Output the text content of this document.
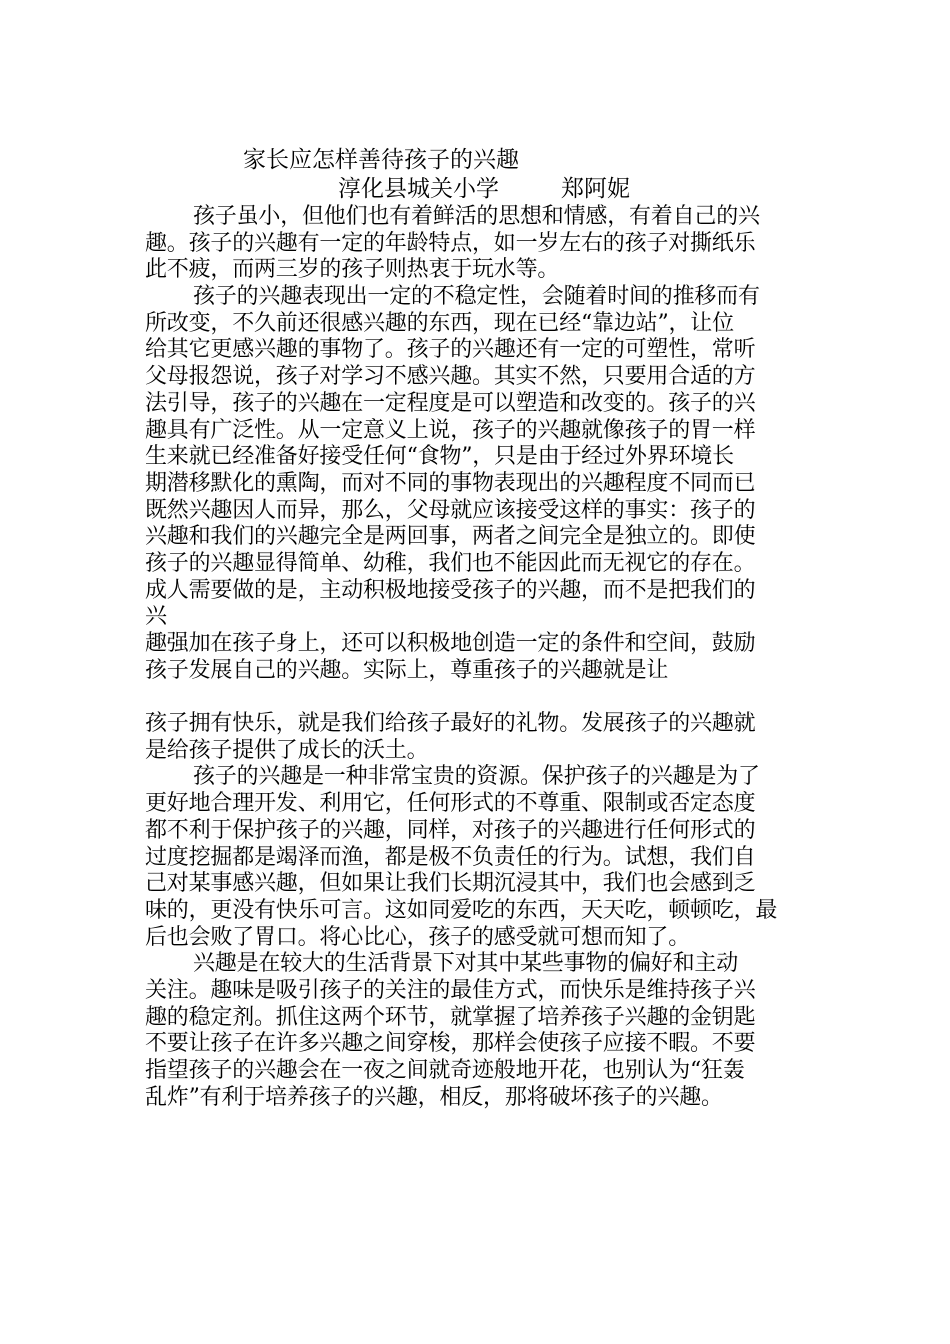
家长应怎样善待孩子的兴趣
淳化县城关小学	郑阿妮
孩子虽小，但他们也有着鲜活的思想和情感，有着自己的兴
趣。孩子的兴趣有一定的年龄特点，如一岁左右的孩子对撕纸乐
此不疲，而两三岁的孩子则热衷于玩水等。
孩子的兴趣表现出一定的不稳定性，会随着时间的推移而有
所改变，不久前还很感兴趣的东西，现在已经“靠边站”，让位
给其它更感兴趣的事物了。孩子的兴趣还有一定的可塑性，常听
父母报怨说，孩子对学习不感兴趣。其实不然，只要用合适的方
法引导，孩子的兴趣在一定程度是可以塑造和改变的。孩子的兴
趣具有广泛性。从一定意义上说，孩子的兴趣就像孩子的胃一样
生来就已经准备好接受任何“食物”，只是由于经过外界环境长
期潜移默化的熏陶，而对不同的事物表现出的兴趣程度不同而已
既然兴趣因人而异，那么，父母就应该接受这样的事实：孩子的
兴趣和我们的兴趣完全是两回事，两者之间完全是独立的。即使
孩子的兴趣显得简单、幼稚，我们也不能因此而无视它的存在。
成人需要做的是，主动积极地接受孩子的兴趣，而不是把我们的
兴
趣强加在孩子身上，还可以积极地创造一定的条件和空间，鼓励
孩子发展自己的兴趣。实际上，尊重孩子的兴趣就是让
孩子拥有快乐，就是我们给孩子最好的礼物。发展孩子的兴趣就
是给孩子提供了成长的沃土。
孩子的兴趣是一种非常宝贵的资源。保护孩子的兴趣是为了
更好地合理开发、利用它，任何形式的不尊重、限制或否定态度
都不利于保护孩子的兴趣，同样，对孩子的兴趣进行任何形式的
过度挖掘都是竭泽而渔，都是极不负责任的行为。试想，我们自
己对某事感兴趣，但如果让我们长期沉浸其中，我们也会感到乏
味的，更没有快乐可言。这如同爱吃的东西，天天吃，顿顿吃，最
后也会败了胃口。将心比心，孩子的感受就可想而知了。
兴趣是在较大的生活背景下对其中某些事物的偏好和主动
关注。趣味是吸引孩子的关注的最佳方式，而快乐是维持孩子兴
趣的稳定剂。抓住这两个环节，就掌握了培养孩子兴趣的金钥匙
不要让孩子在许多兴趣之间穿梭，那样会使孩子应接不暇。不要
指望孩子的兴趣会在一夜之间就奇迹般地开花，也别认为“狂轰
乱炸”有利于培养孩子的兴趣，相反，那将破坏孩子的兴趣。
